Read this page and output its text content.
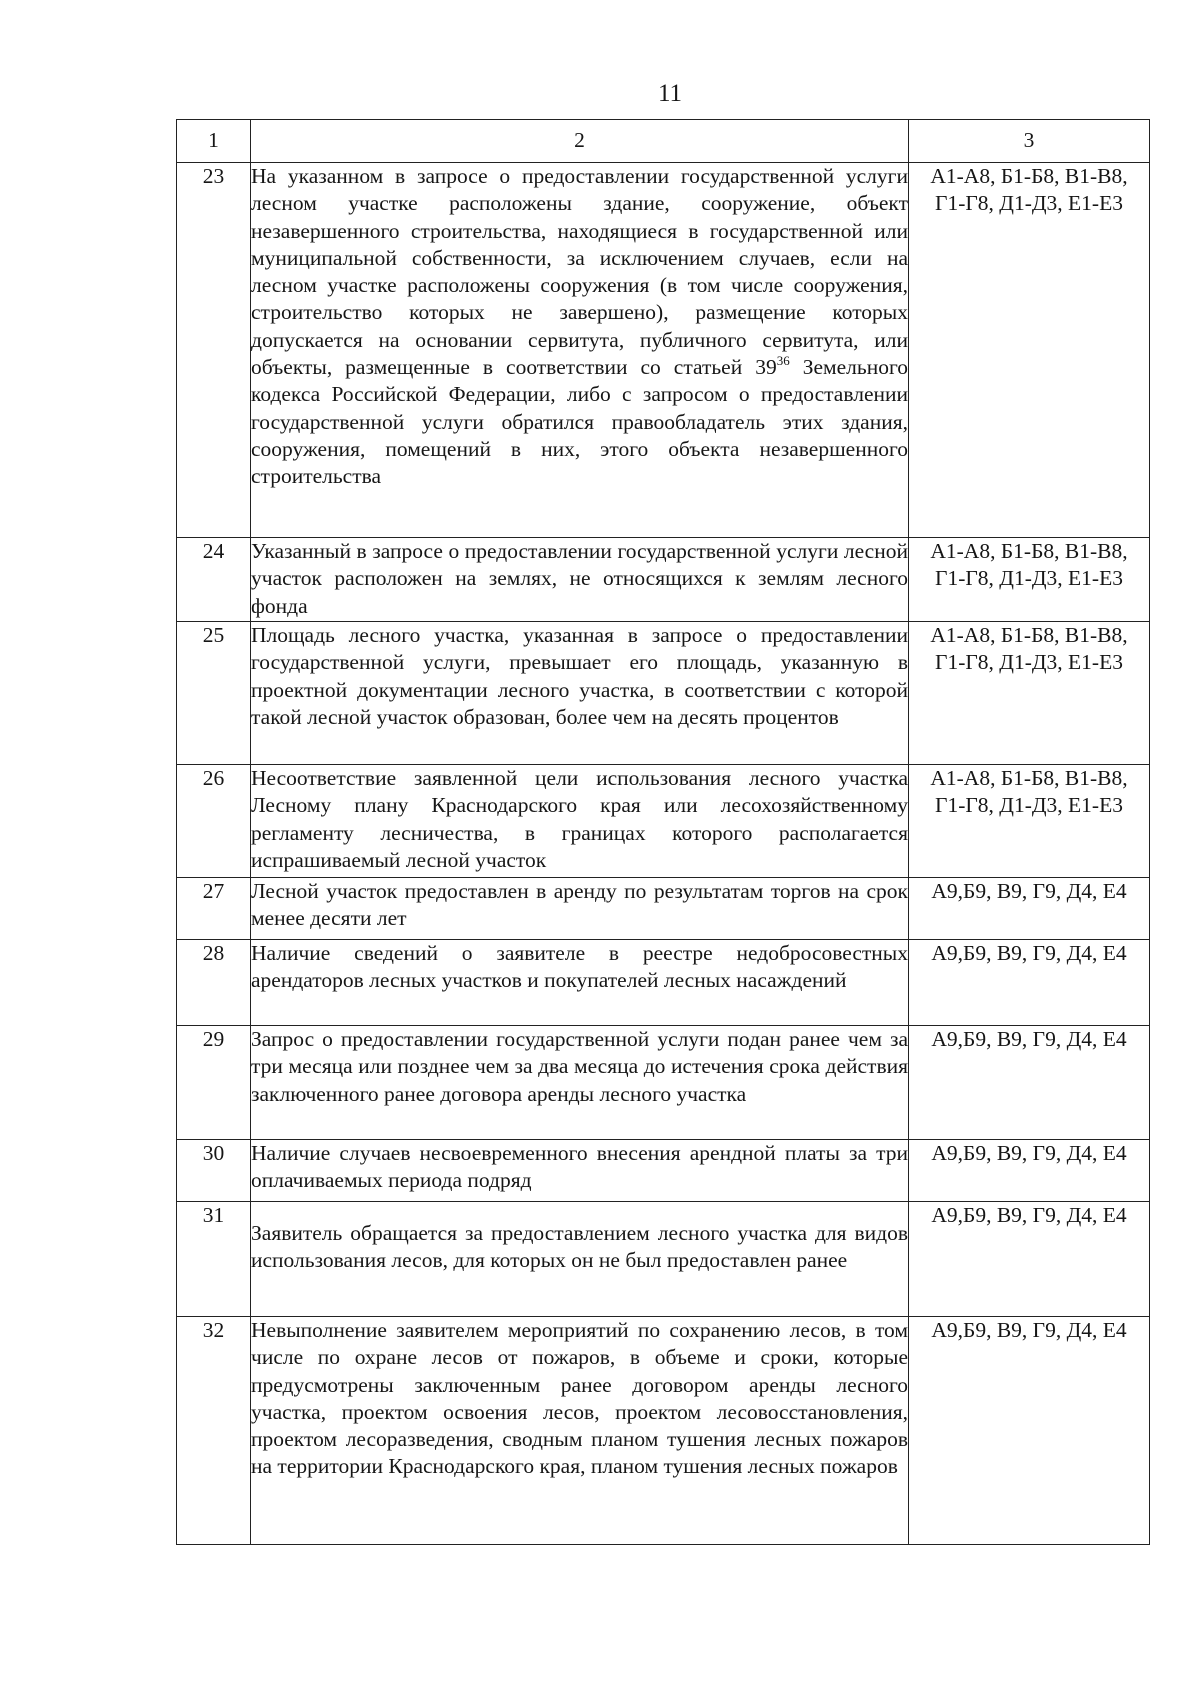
11
1	2	3
23	На указанном в запросе о предоставлении государственной услуги лесном участке расположены здание, сооружение, объект незавершенного строительства, находящиеся в государственной или муниципальной собственности, за исключением случаев, если на лесном участке расположены сооружения (в том числе сооружения, строительство которых не завершено), размещение которых допускается на основании сервитута, публичного сервитута, или объекты, размещенные в соответствии со статьей $39^{36}$ Земельного кодекса Российской Федерации, либо с запросом о предоставлении государственной услуги обратился правообладатель этих здания, сооружения, помещений в них, этого объекта незавершенного строительства	А1-А8, Б1-Б8, В1-В8,
Г1-Г8, Д1-Д3, Е1-Е3

24	Указанный в запросе о предоставлении государственной услуги лесной участок расположен на землях, не относящихся к землям лесного фонда	А1-А8, Б1-Б8, В1-В8,
Г1-Г8, Д1-Д3, Е1-Е3

25	Площадь лесного участка, указанная в запросе о предоставлении государственной услуги, превышает его площадь, указанную в проектной документации лесного участка, в соответствии с которой такой лесной участок образован, более чем на десять процентов	А1-А8, Б1-Б8, В1-В8,
Г1-Г8, Д1-Д3, Е1-Е3

26	Несоответствие заявленной цели использования лесного участка Лесному плану Краснодарского края или лесохозяйственному регламенту лесничества, в границах которого располагается испрашиваемый лесной участок	А1-А8, Б1-Б8, В1-В8,
Г1-Г8, Д1-Д3, Е1-Е3

27	Лесной участок предоставлен в аренду по результатам торгов на срок менее десяти лет	А9,Б9, В9, Г9, Д4, Е4

28	Наличие сведений о заявителе в реестре недобросовестных арендаторов лесных участков и покупателей лесных насаждений	А9,Б9, В9, Г9, Д4, Е4

29	Запрос о предоставлении государственной услуги подан ранее чем за три месяца или позднее чем за два месяца до истечения срока действия заключенного ранее договора аренды лесного участка	А9,Б9, В9, Г9, Д4, Е4

30	Наличие случаев несвоевременного внесения арендной платы за три оплачиваемых периода подряд	А9,Б9, В9, Г9, Д4, Е4

31	Заявитель обращается за предоставлением лесного участка для видов использования лесов, для которых он не был предоставлен ранее	А9,Б9, В9, Г9, Д4, Е4

32	Невыполнение заявителем мероприятий по сохранению лесов, в том числе по охране лесов от пожаров, в объеме и сроки, которые предусмотрены заключенным ранее договором аренды лесного участка, проектом освоения лесов, проектом лесовосстановления, проектом лесоразведения, сводным планом тушения лесных пожаров на территории Краснодарского края, планом тушения лесных пожаров	А9,Б9, В9, Г9, Д4, Е4
